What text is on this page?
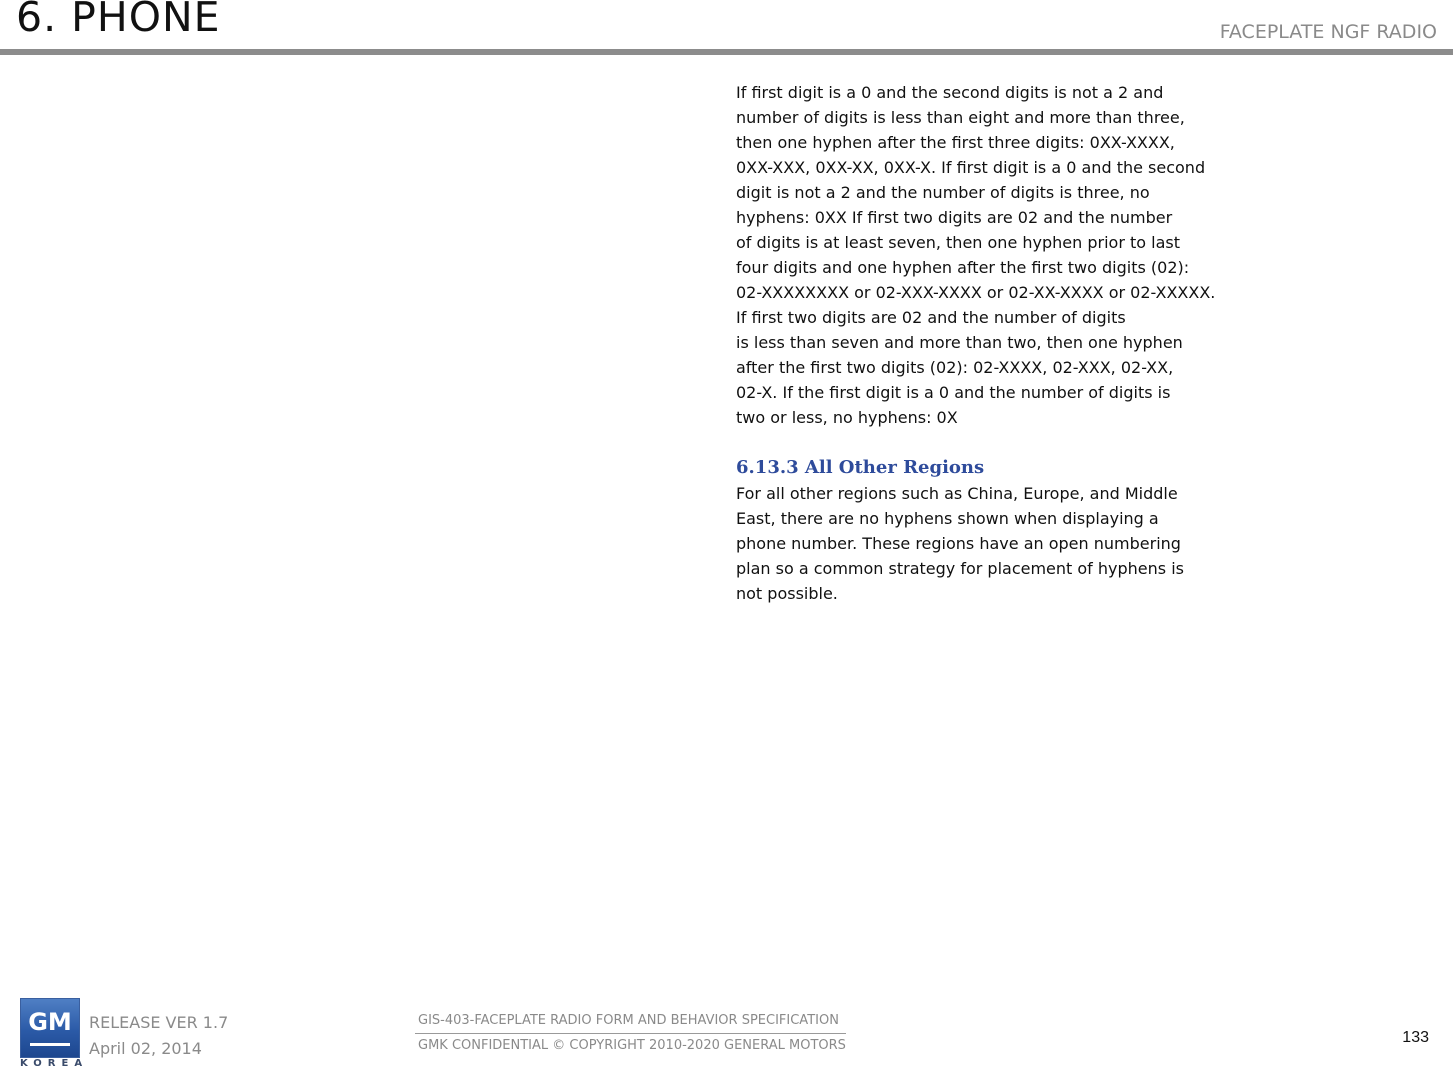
6. PHONE	FACEPLATE NGF RADIO

If first digit is a 0 and the second digits is not a 2 and
number of digits is less than eight and more than three,
then one hyphen after the first three digits: 0XX-XXXX,
0XX-XXX, 0XX-XX, 0XX-X. If first digit is a 0 and the second
digit is not a 2 and the number of digits is three, no
hyphens: 0XX If first two digits are 02 and the number
of digits is at least seven, then one hyphen prior to last
four digits and one hyphen after the first two digits (02):
02-XXXXXXXX or 02-XXX-XXXX or 02-XX-XXXX or 02-XXXXX.
If first two digits are 02 and the number of digits
is less than seven and more than two, then one hyphen
after the first two digits (02): 02-XXXX, 02-XXX, 02-XX,
02-X. If the first digit is a 0 and the number of digits is
two or less, no hyphens: 0X

6.13.3 All Other Regions

For all other regions such as China, Europe, and Middle
East, there are no hyphens shown when displaying a
phone number. These regions have an open numbering
plan so a common strategy for placement of hyphens is
not possible.

GM
KOREA
RELEASE VER 1.7
April 02, 2014
GIS-403-FACEPLATE RADIO FORM AND BEHAVIOR SPECIFICATION
GMK CONFIDENTIAL © COPYRIGHT 2010-2020 GENERAL MOTORS	133
